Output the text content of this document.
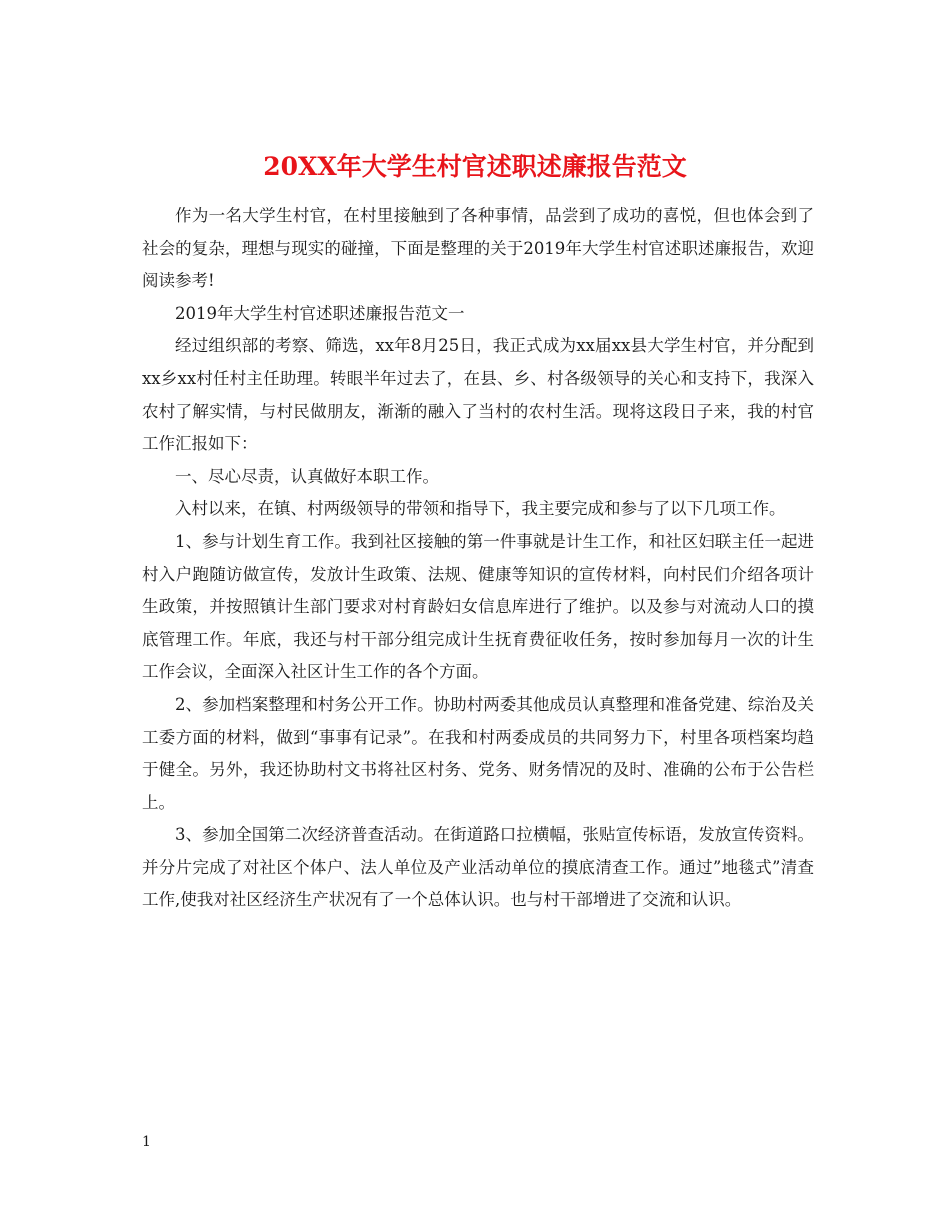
20XX年大学生村官述职述廉报告范文

作为一名大学生村官，在村里接触到了各种事情，品尝到了成功的喜悦，但也体会到了社会的复杂，理想与现实的碰撞，下面是整理的关于2019年大学生村官述职述廉报告，欢迎阅读参考!

2019年大学生村官述职述廉报告范文一

经过组织部的考察、筛选，xx年8月25日，我正式成为xx届xx县大学生村官，并分配到xx乡xx村任村主任助理。转眼半年过去了，在县、乡、村各级领导的关心和支持下，我深入农村了解实情，与村民做朋友，渐渐的融入了当村的农村生活。现将这段日子来，我的村官工作汇报如下：

一、尽心尽责，认真做好本职工作。

入村以来，在镇、村两级领导的带领和指导下，我主要完成和参与了以下几项工作。

1、参与计划生育工作。我到社区接触的第一件事就是计生工作，和社区妇联主任一起进村入户跑随访做宣传，发放计生政策、法规、健康等知识的宣传材料，向村民们介绍各项计生政策，并按照镇计生部门要求对村育龄妇女信息库进行了维护。以及参与对流动人口的摸底管理工作。年底，我还与村干部分组完成计生抚育费征收任务，按时参加每月一次的计生工作会议，全面深入社区计生工作的各个方面。

2、参加档案整理和村务公开工作。协助村两委其他成员认真整理和准备党建、综治及关工委方面的材料，做到“事事有记录”。在我和村两委成员的共同努力下，村里各项档案均趋于健全。另外，我还协助村文书将社区村务、党务、财务情况的及时、准确的公布于公告栏上。

3、参加全国第二次经济普查活动。在街道路口拉横幅，张贴宣传标语，发放宣传资料。并分片完成了对社区个体户、法人单位及产业活动单位的摸底清查工作。通过”地毯式”清查工作,使我对社区经济生产状况有了一个总体认识。也与村干部增进了交流和认识。

1
